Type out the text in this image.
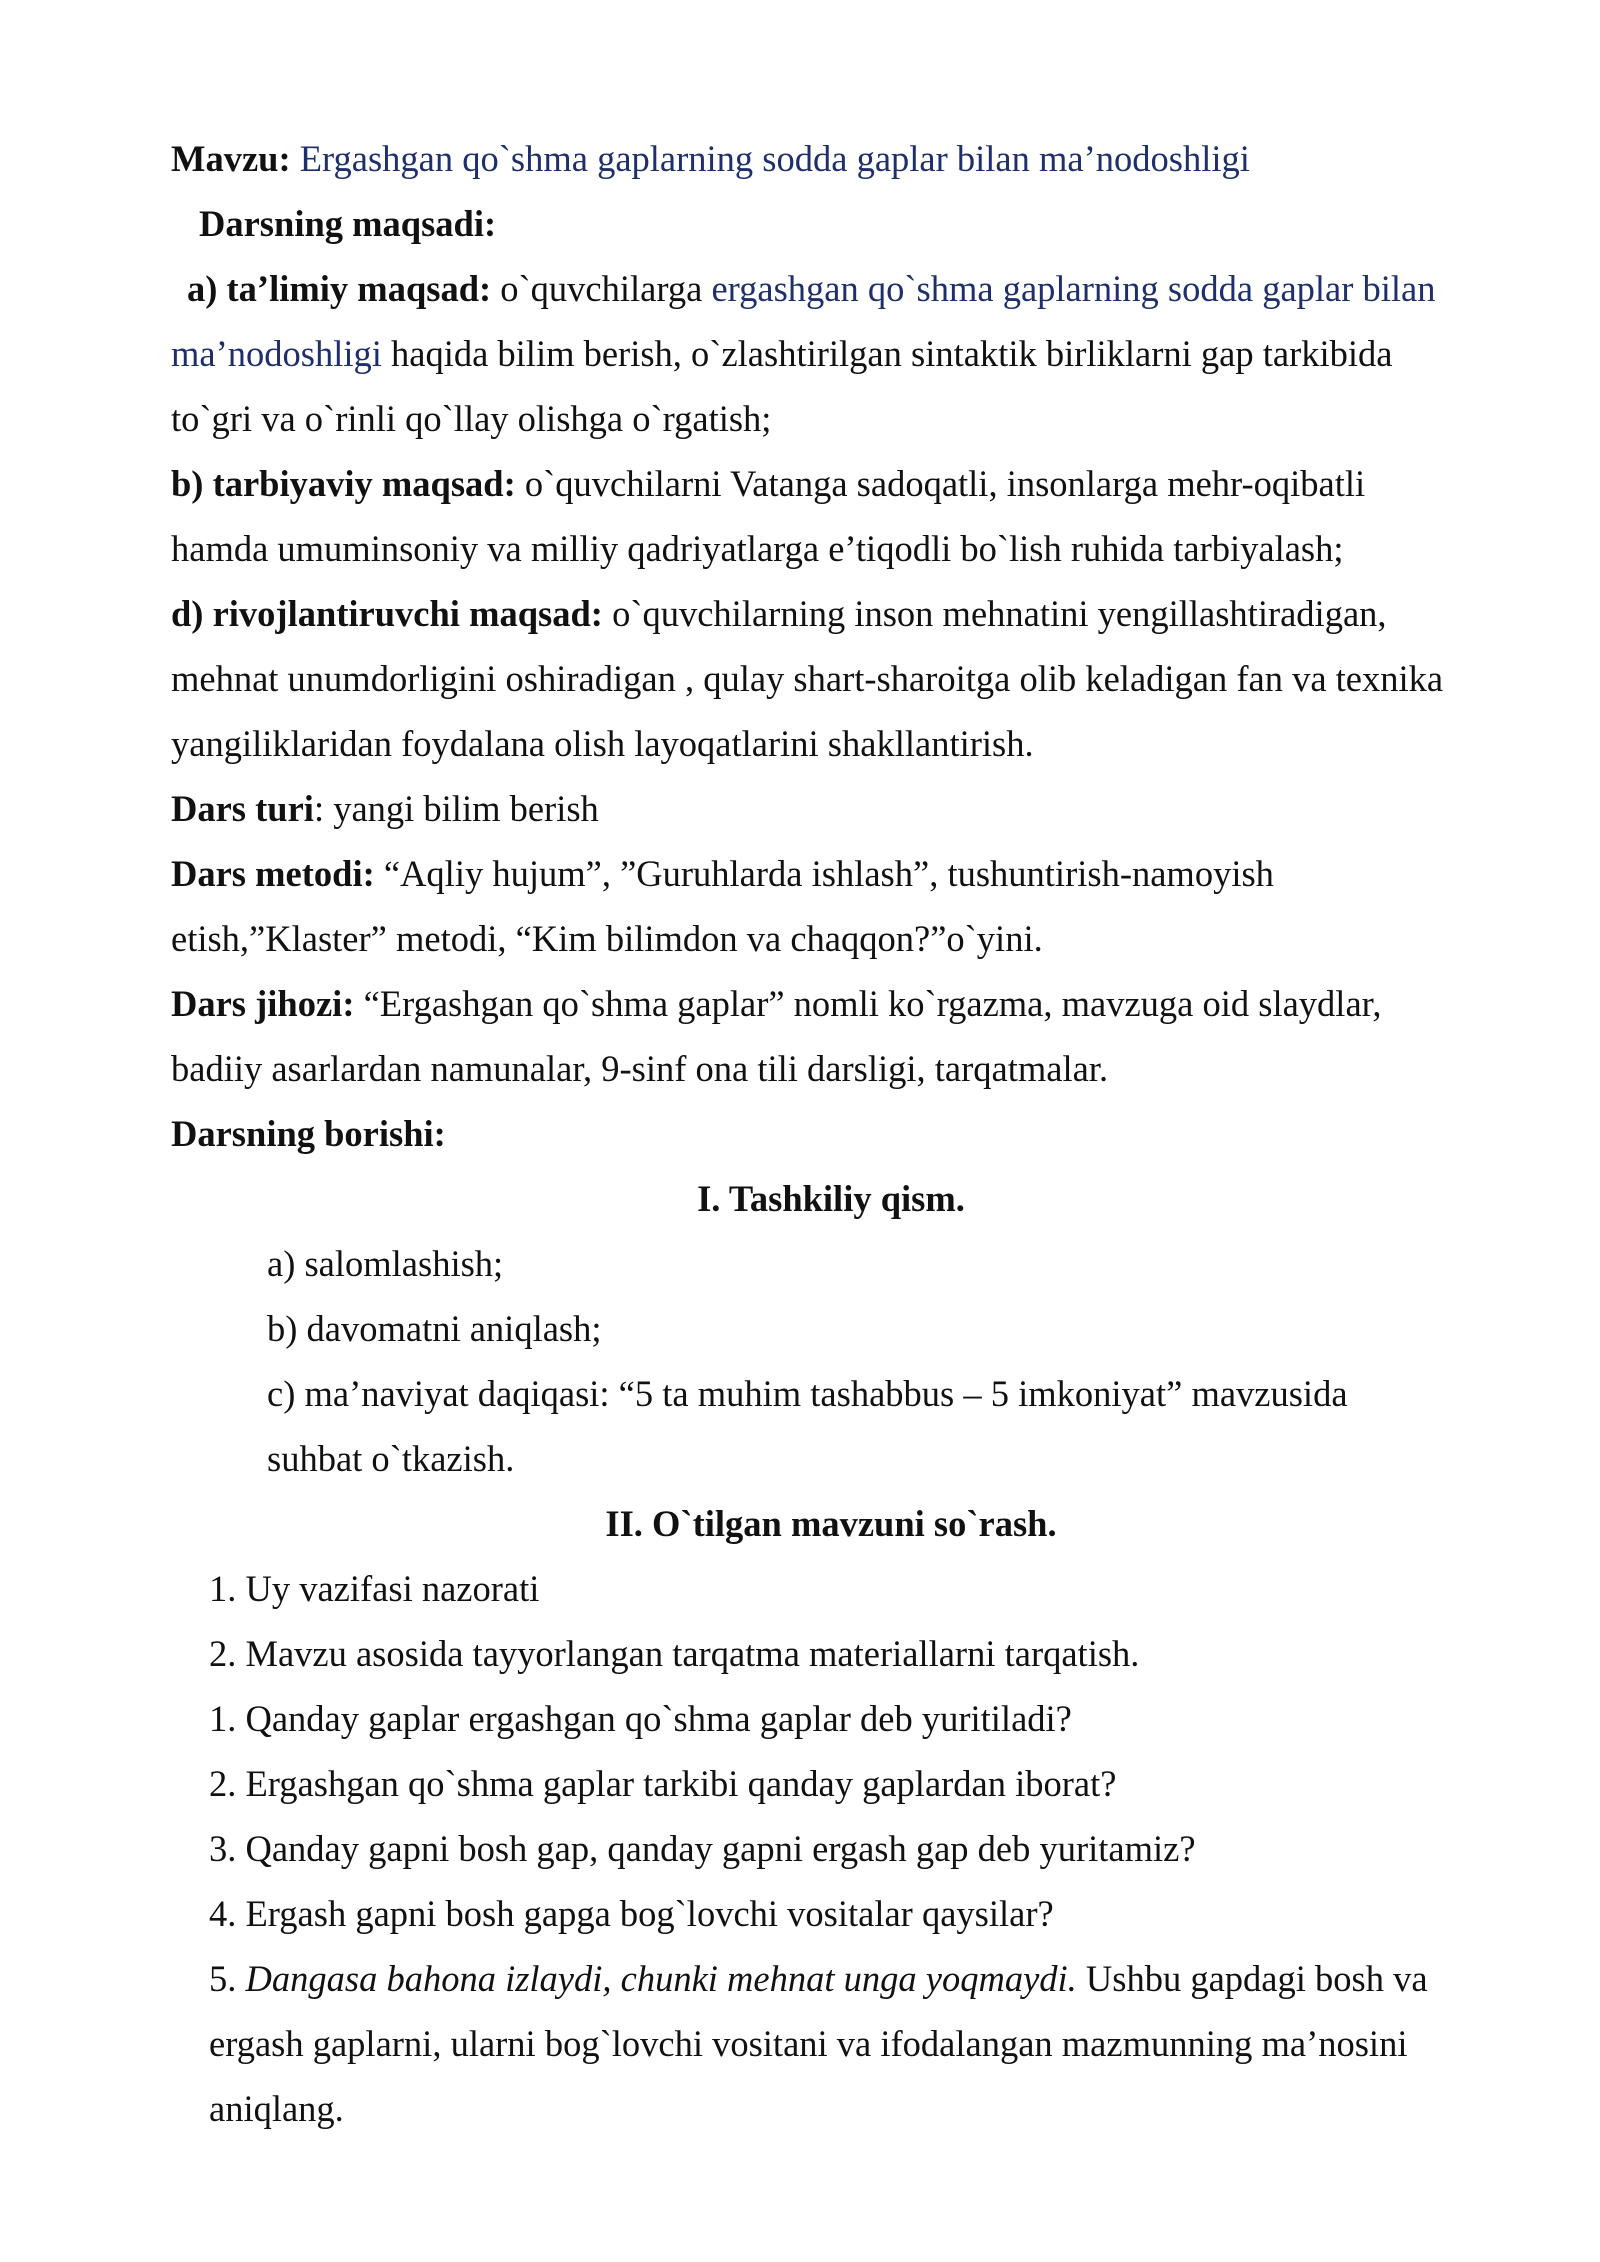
Mavzu: Ergashgan qo`shma gaplarning sodda gaplar bilan ma’nodoshligi
Darsning maqsadi:
a) ta’limiy maqsad: o`quvchilarga ergashgan qo`shma gaplarning sodda gaplar bilan
ma’nodoshligi haqida bilim berish, o`zlashtirilgan sintaktik birliklarni gap tarkibida
to`gri va o`rinli qo`llay olishga o`rgatish;
b) tarbiyaviy maqsad: o`quvchilarni Vatanga sadoqatli, insonlarga mehr-oqibatli
hamda umuminsoniy va milliy qadriyatlarga e’tiqodli bo`lish ruhida tarbiyalash;
d) rivojlantiruvchi maqsad: o`quvchilarning inson mehnatini yengillashtiradigan,
mehnat unumdorligini oshiradigan , qulay shart-sharoitga olib keladigan fan va texnika
yangiliklaridan foydalana olish layoqatlarini shakllantirish.
Dars turi: yangi bilim berish
Dars metodi: “Aqliy hujum”, ”Guruhlarda ishlash”, tushuntirish-namoyish
etish,”Klaster” metodi, “Kim bilimdon va chaqqon?”o`yini.
Dars jihozi: “Ergashgan qo`shma gaplar” nomli ko`rgazma, mavzuga oid slaydlar,
badiiy asarlardan namunalar, 9-sinf ona tili darsligi, tarqatmalar.
Darsning borishi:
I. Tashkiliy qism.
a) salomlashish;
b) davomatni aniqlash;
c) ma’naviyat daqiqasi: “5 ta muhim tashabbus – 5 imkoniyat” mavzusida
suhbat o`tkazish.
II. O`tilgan mavzuni so`rash.
1. Uy vazifasi nazorati
2. Mavzu asosida tayyorlangan tarqatma materiallarni tarqatish.
1. Qanday gaplar ergashgan qo`shma gaplar deb yuritiladi?
2. Ergashgan qo`shma gaplar tarkibi qanday gaplardan iborat?
3. Qanday gapni bosh gap, qanday gapni ergash gap deb yuritamiz?
4. Ergash gapni bosh gapga bog`lovchi vositalar qaysilar?
5. Dangasa bahona izlaydi, chunki mehnat unga yoqmaydi. Ushbu gapdagi bosh va
ergash gaplarni, ularni bog`lovchi vositani va ifodalangan mazmunning ma’nosini
aniqlang.
